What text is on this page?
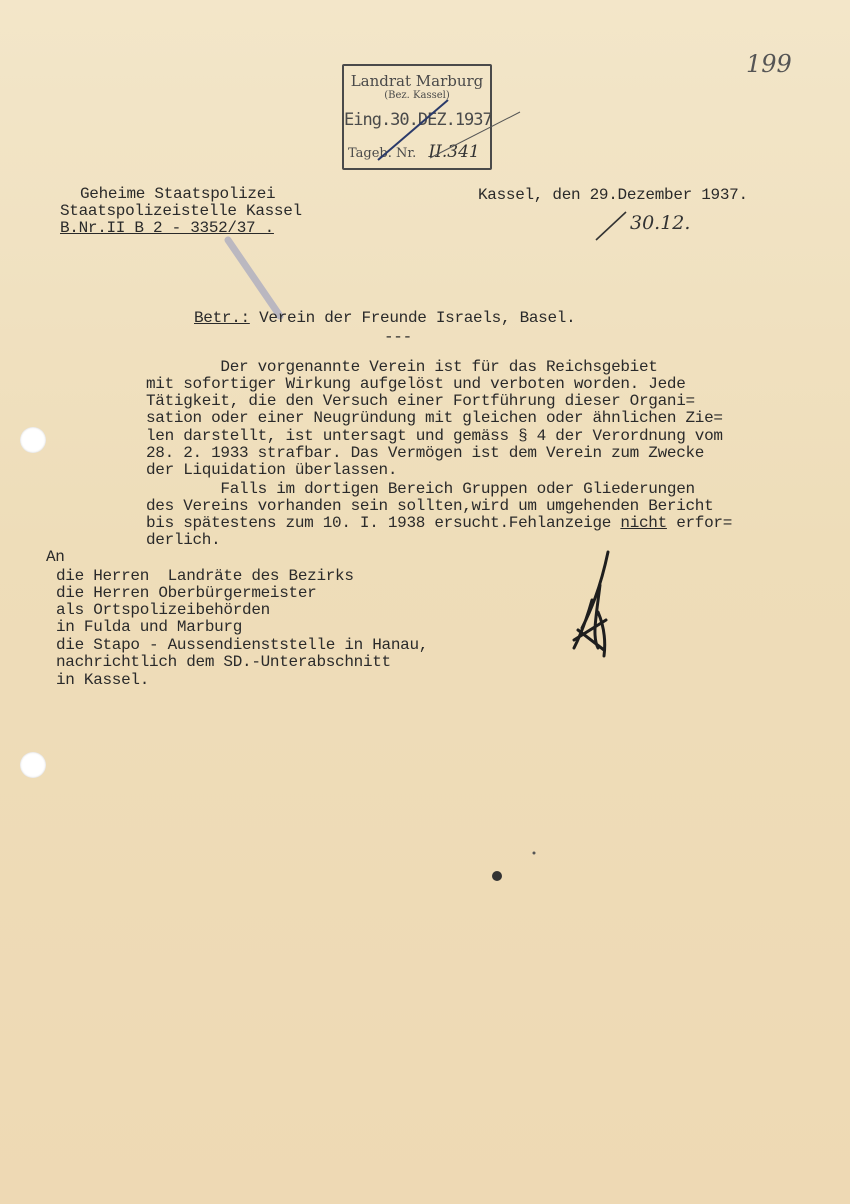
199
Landrat Marburg
(Bez. Kassel)
Eing.30.DEZ.1937
Tageb. Nr. II.341
Geheime Staatspolizei
Staatspolizeistelle Kassel
B.Nr.II B 2 - 3352/37 .
Kassel, den 29.Dezember 1937.
30.12.
Betr.: Verein der Freunde Israels, Basel.
---
Der vorgenannte Verein ist für das Reichsgebiet
mit sofortiger Wirkung aufgelöst und verboten worden. Jede
Tätigkeit, die den Versuch einer Fortführung dieser Organi=
sation oder einer Neugründung mit gleichen oder ähnlichen Zie=
len darstellt, ist untersagt und gemäss § 4 der Verordnung vom
28. 2. 1933 strafbar. Das Vermögen ist dem Verein zum Zwecke
der Liquidation überlassen.
Falls im dortigen Bereich Gruppen oder Gliederungen
des Vereins vorhanden sein sollten,wird um umgehenden Bericht
bis spätestens zum 10. I. 1938 ersucht.Fehlanzeige nicht erfor=
derlich.
An
die Herren  Landräte des Bezirks
die Herren Oberbürgermeister
als Ortspolizeibehörden
in Fulda und Marburg
die Stapo - Aussendienststelle in Hanau,
nachrichtlich dem SD.-Unterabschnitt
in Kassel.
